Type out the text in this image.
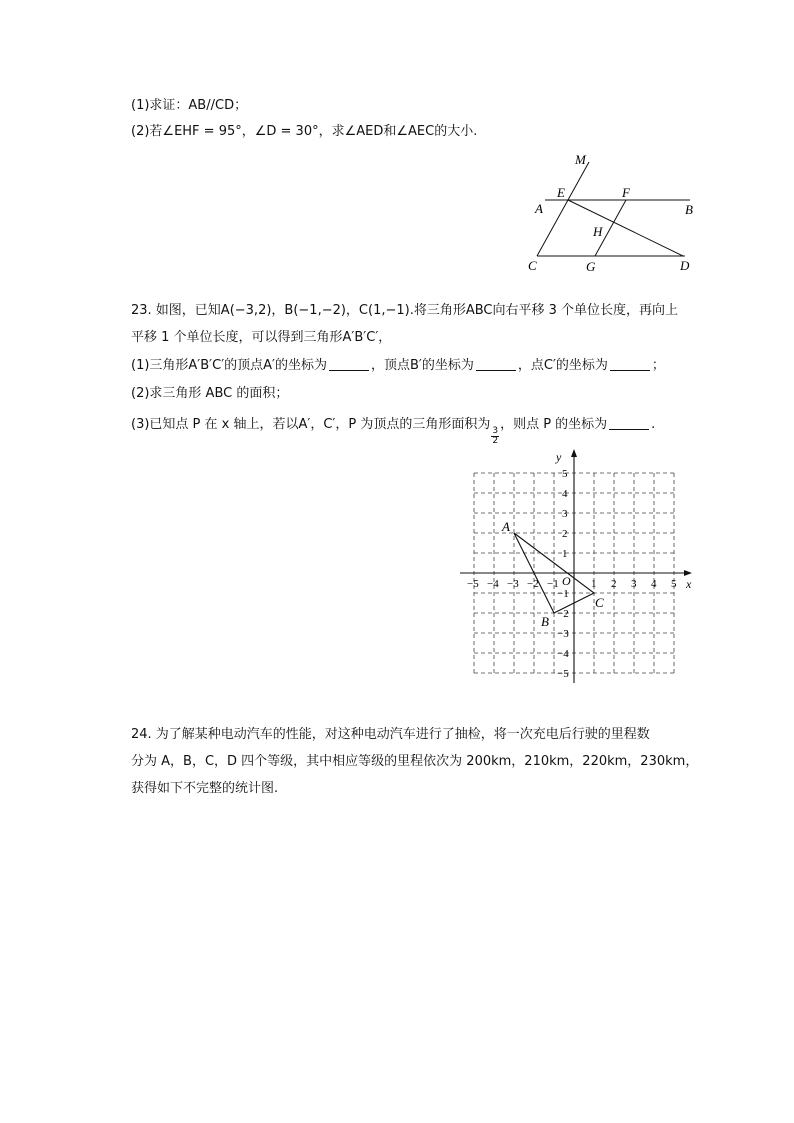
(1)求证：AB//CD；
(2)若∠EHF = 95°，∠D = 30°，求∠AED和∠AEC的大小.
M
E	F
A	B
H
C	G	D
23. 如图，已知A(−3,2)，B(−1,−2)，C(1,−1).将三角形ABC向右平移 3 个单位长度，再向上
平移 1 个单位长度，可以得到三角形A′B′C′，
(1)三角形A′B′C′的顶点A′的坐标为	，顶点B′的坐标为	，点C′的坐标为	；
(2)求三角形 ABC 的面积；
(3)已知点 P 在 x 轴上，若以A′，C′，P 为顶点的三角形面积为
$\frac{3}{2}$
，则点 P 的坐标为	.
x
y
O
−5 −4 −3 −2 −1	1 2 3 4 5
5
4
3
2
1
−1
−2
−3
−4
−5
A
B
C
24. 为了解某种电动汽车的性能，对这种电动汽车进行了抽检，将一次充电后行驶的里程数
分为 A，B，C，D 四个等级，其中相应等级的里程依次为 200km，210km，220km，230km，
获得如下不完整的统计图.
